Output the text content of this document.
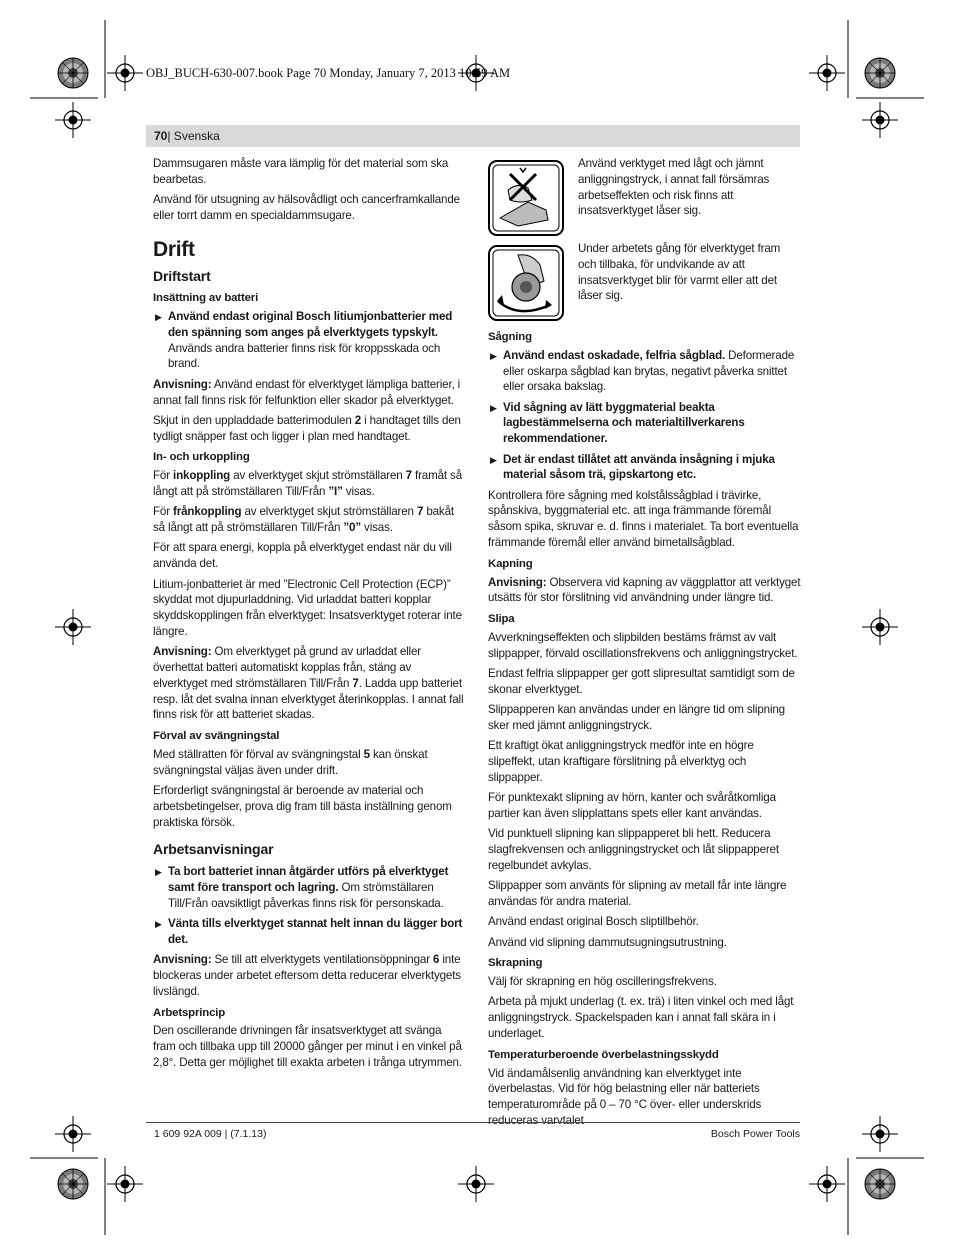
OBJ_BUCH-630-007.book Page 70 Monday, January 7, 2013 10:59 AM
70| Svenska

Dammsugaren måste vara lämplig för det material som ska bearbetas.

Använd för utsugning av hälsovådligt och cancerframkallande eller torrt damm en specialdammsugare.

Drift
Driftstart
Insättning av batteri
▶ Använd endast original Bosch litiumjonbatterier med den spänning som anges på elverktygets typskylt. Används andra batterier finns risk för kroppsskada och brand.

Anvisning: Använd endast för elverktyget lämpliga batterier, i annat fall finns risk för felfunktion eller skador på elverktyget.

Skjut in den uppladdade batterimodulen 2 i handtaget tills den tydligt snäpper fast och ligger i plan med handtaget.

In- och urkoppling

För inkoppling av elverktyget skjut strömställaren 7 framåt så långt att på strömställaren Till/Från ”I” visas.

För frånkoppling av elverktyget skjut strömställaren 7 bakåt så långt att på strömställaren Till/Från ”0” visas.

För att spara energi, koppla på elverktyget endast när du vill använda det.

Litium-jonbatteriet är med ”Electronic Cell Protection (ECP)” skyddat mot djupurladdning. Vid urladdat batteri kopplar skyddskopplingen från elverktyget: Insatsverktyget roterar inte längre.

Anvisning: Om elverktyget på grund av urladdat eller överhettat batteri automatiskt kopplas från, stäng av elverktyget med strömställaren Till/Från 7. Ladda upp batteriet resp. låt det svalna innan elverktyget återinkopplas. I annat fall finns risk för att batteriet skadas.

Förval av svängningstal

Med ställratten för förval av svängningstal 5 kan önskat svängningstal väljas även under drift.

Erforderligt svängningstal är beroende av material och arbetsbetingelser, prova dig fram till bästa inställning genom praktiska försök.

Arbetsanvisningar
▶ Ta bort batteriet innan åtgärder utförs på elverktyget samt före transport och lagring. Om strömställaren Till/Från oavsiktligt påverkas finns risk för personskada.
▶ Vänta tills elverktyget stannat helt innan du lägger bort det.

Anvisning: Se till att elverktygets ventilationsöppningar 6 inte blockeras under arbetet eftersom detta reducerar elverktygets livslängd.

Arbetsprincip

Den oscillerande drivningen får insatsverktyget att svänga fram och tillbaka upp till 20000 gånger per minut i en vinkel på 2,8°. Detta ger möjlighet till exakta arbeten i trånga utrymmen.

Använd verktyget med lågt och jämnt anliggningstryck, i annat fall försämras arbetseffekten och risk finns att insatsverktyget låser sig.
Under arbetets gång för elverktyget fram och tillbaka, för undvikande av att insatsverktyget blir för varmt eller att det låser sig.
Sågning
▶ Använd endast oskadade, felfria sågblad. Deformerade eller oskarpa sågblad kan brytas, negativt påverka snittet eller orsaka bakslag.
▶ Vid sågning av lätt byggmaterial beakta lagbestämmelserna och materialtillverkarens rekommendationer.
▶ Det är endast tillåtet att använda insågning i mjuka material såsom trä, gipskartong etc.

Kontrollera före sågning med kolstålssågblad i trävirke, spånskiva, byggmaterial etc. att inga främmande föremål såsom spika, skruvar e. d. finns i materialet. Ta bort eventuella främmande föremål eller använd bimetallsågblad.

Kapning

Anvisning: Observera vid kapning av väggplattor att verktyget utsätts för stor förslitning vid användning under längre tid.

Slipa

Avverkningseffekten och slipbilden bestäms främst av valt slippapper, förvald oscillationsfrekvens och anliggningstrycket.

Endast felfria slippapper ger gott slipresultat samtidigt som de skonar elverktyget.

Slippapperen kan användas under en längre tid om slipning sker med jämnt anliggningstryck.

Ett kraftigt ökat anliggningstryck medför inte en högre slipeffekt, utan kraftigare förslitning på elverktyg och slippapper.

För punktexakt slipning av hörn, kanter och svåråtkomliga partier kan även slipplattans spets eller kant användas.

Vid punktuell slipning kan slippapperet bli hett. Reducera slagfrekvensen och anliggningstrycket och låt slippapperet regelbundet avkylas.

Slippapper som använts för slipning av metall får inte längre användas för andra material.

Använd endast original Bosch sliptillbehör.

Använd vid slipning dammutsugningsutrustning.

Skrapning

Välj för skrapning en hög oscilleringsfrekvens.

Arbeta på mjukt underlag (t. ex. trä) i liten vinkel och med lågt anliggningstryck. Spackelspaden kan i annat fall skära in i underlaget.

Temperaturberoende överbelastningsskydd

Vid ändamålsenlig användning kan elverktyget inte överbelastas. Vid för hög belastning eller när batteriets temperaturområde på 0 – 70 °C över- eller underskrids reduceras varvtalet

1 609 92A 009 | (7.1.13)	Bosch Power Tools
